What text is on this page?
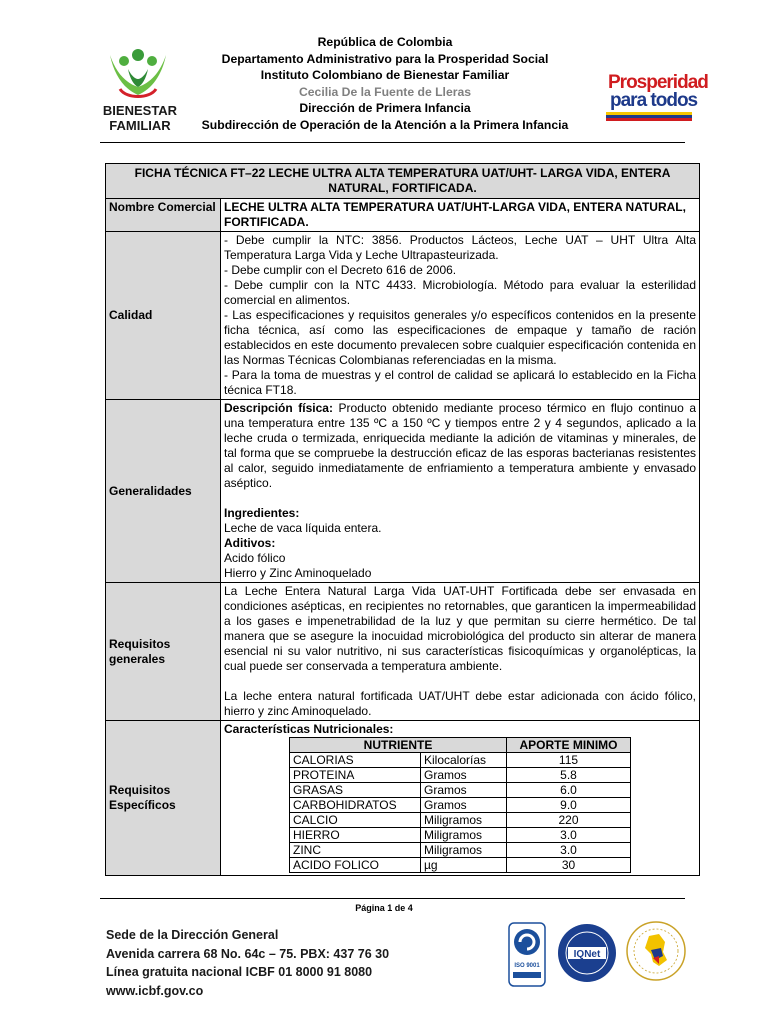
BIENESTAR
FAMILIAR
República de Colombia
Departamento Administrativo para la Prosperidad Social
Instituto Colombiano de Bienestar Familiar
Cecilia De la Fuente de Lleras
Dirección de Primera Infancia
Subdirección de Operación de la Atención a la Primera Infancia
Prosperidad
para todos
FICHA TÉCNICA FT–22 LECHE ULTRA ALTA TEMPERATURA UAT/UHT- LARGA VIDA, ENTERA NATURAL, FORTIFICADA.
Nombre Comercial	LECHE ULTRA ALTA TEMPERATURA UAT/UHT-LARGA VIDA, ENTERA NATURAL, FORTIFICADA.
Calidad	
- Debe cumplir la NTC: 3856. Productos Lácteos, Leche UAT – UHT Ultra Alta Temperatura Larga Vida y Leche Ultrapasteurizada.
- Debe cumplir con el Decreto 616 de 2006.
- Debe cumplir con la NTC 4433. Microbiología. Método para evaluar la esterilidad comercial en alimentos.
- Las especificaciones y requisitos generales y/o específicos contenidos en la presente ficha técnica, así como las especificaciones de empaque y tamaño de ración establecidos en este documento prevalecen sobre cualquier especificación contenida en las Normas Técnicas Colombianas referenciadas en la misma.
- Para la toma de muestras y el control de calidad se aplicará lo establecido en la Ficha técnica FT18.

Generalidades	
Descripción física: Producto obtenido mediante proceso térmico en flujo continuo a una temperatura entre 135 ºC a 150 ºC y tiempos entre 2 y 4 segundos, aplicado a la leche cruda o termizada, enriquecida mediante la adición de vitaminas y minerales, de tal forma que se compruebe la destrucción eficaz de las esporas bacterianas resistentes al calor, seguido inmediatamente de enfriamiento a temperatura ambiente y envasado aséptico.
Ingredientes:
Leche de vaca líquida entera.
Aditivos:
Acido fólico
Hierro y Zinc Aminoquelado

Requisitos generales	
La Leche Entera Natural Larga Vida UAT-UHT Fortificada debe ser envasada en condiciones asépticas, en recipientes no retornables, que garanticen la impermeabilidad a los gases e impenetrabilidad de la luz y que permitan su cierre hermético. De tal manera que se asegure la inocuidad microbiológica del producto sin alterar de manera esencial ni su valor nutritivo, ni sus características fisicoquímicas y organolépticas, la cual puede ser conservada a temperatura ambiente.
La leche entera natural fortificada UAT/UHT debe estar adicionada con ácido fólico, hierro y zinc Aminoquelado.

Requisitos Específicos	
Características Nutricionales:
NUTRIENTE	APORTE MINIMO
CALORIAS	Kilocalorías	115
PROTEINA	Gramos	5.8
GRASAS	Gramos	6.0
CARBOHIDRATOS	Gramos	9.0
CALCIO	Miligramos	220
HIERRO	Miligramos	3.0
ZINC	Miligramos	3.0
ACIDO FOLICO	µg	30
Página 1 de 4
Sede de la Dirección General
Avenida carrera 68 No. 64c – 75. PBX: 437 76 30
Línea gratuita nacional ICBF 01 8000 91 8080
www.icbf.gov.co
ISO 9001
IQNet
